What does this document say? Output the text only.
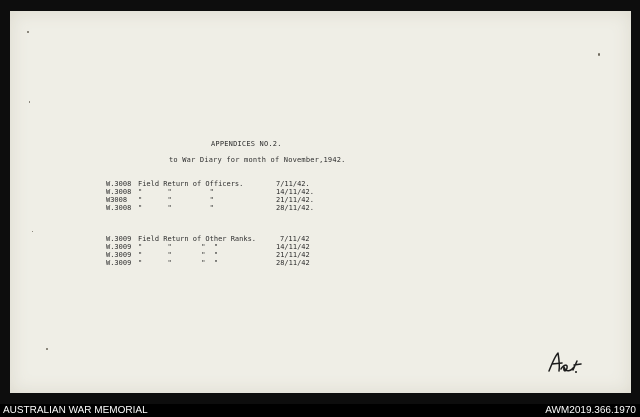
APPENDICES NO.2.
to War Diary for month of November,1942.
W.3008 Field Return of Officers.	7/11/42.
W.3008 "      "         "	14/11/42.
W3008 "      "         "	21/11/42.
W.3008 "      "         "	28/11/42.
W.3009 Field Return of Other Ranks.	7/11/42
W.3009 "      "       "  "	14/11/42
W.3009 "      "       "  "	21/11/42
W.3009 "      "       "  "	28/11/42
AUSTRALIAN WAR MEMORIAL	AWM2019.366.1970
